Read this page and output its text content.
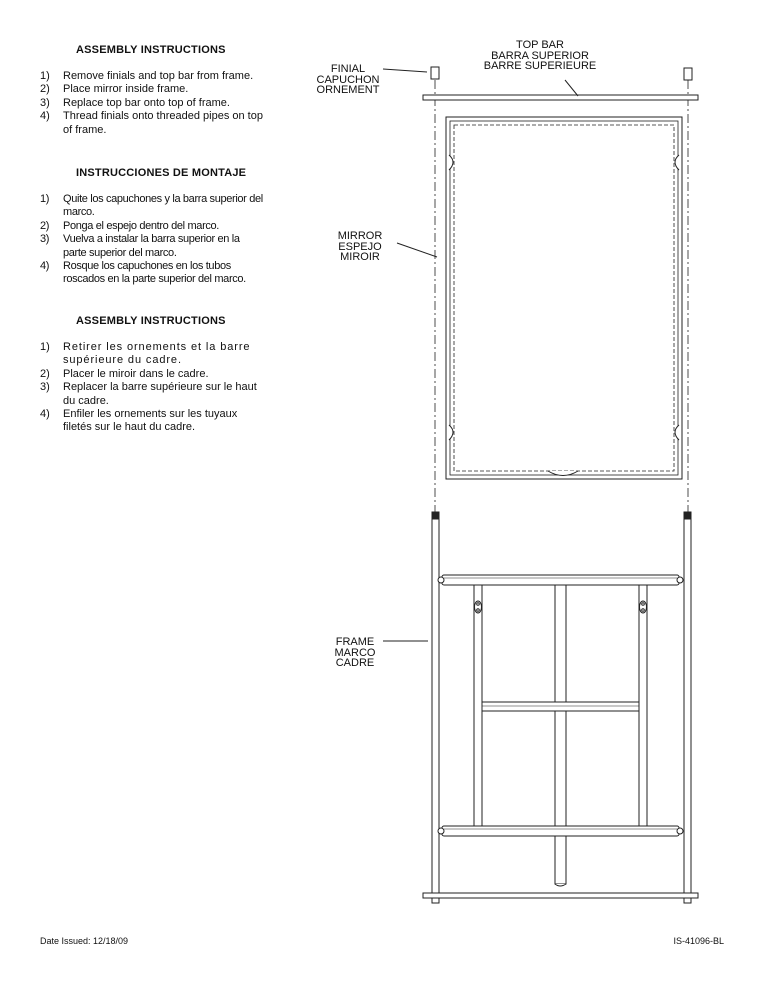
ASSEMBLY INSTRUCTIONS
1) Remove finials and top bar from frame.
2) Place mirror inside frame.
3) Replace top bar onto top of frame.
4) Thread finials onto threaded pipes on top of frame.
INSTRUCCIONES DE MONTAJE
1) Quite los capuchones y la barra superior del marco.
2) Ponga el espejo dentro del marco.
3) Vuelva a instalar la barra superior en la parte superior del marco.
4) Rosque los capuchones en los tubos roscados en la parte superior del marco.
ASSEMBLY INSTRUCTIONS
1) Retirer les ornements et la barre supérieure du cadre.
2) Placer le miroir dans le cadre.
3) Replacer la barre supérieure sur le haut du cadre.
4) Enfiler les ornements sur les tuyaux filetés sur le haut du cadre.
FINIAL
CAPUCHON
ORNEMENT
TOP BAR
BARRA SUPERIOR
BARRE SUPERIEURE
MIRROR
ESPEJO
MIROIR
FRAME
MARCO
CADRE
Date Issued: 12/18/09	IS-41096-BL
